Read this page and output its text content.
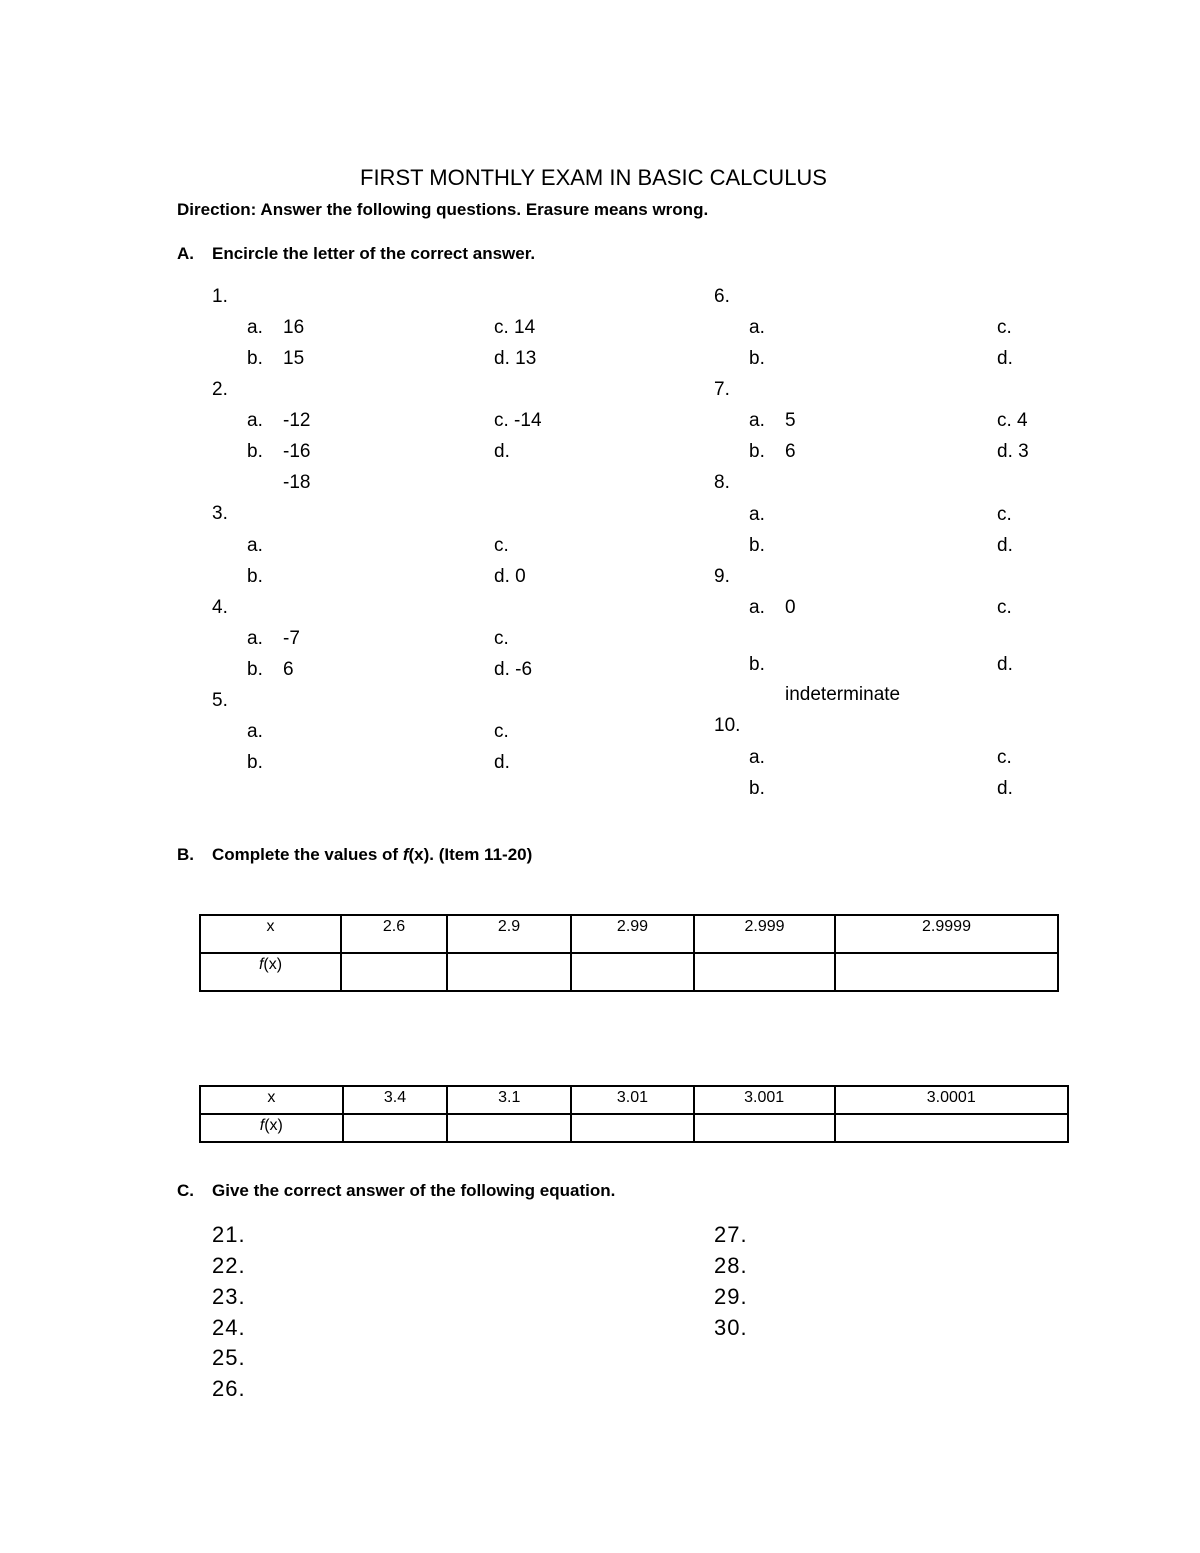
FIRST MONTHLY EXAM IN BASIC CALCULUS
Direction: Answer the following questions. Erasure means wrong.
A. Encircle the letter of the correct answer.
1.
a. 16	c. 14
b. 15	d. 13
2.
a. -12	c. -14
b. -16	d.
-18
3.
a.	c.
b.	d. 0
4.
a. -7	c.
b. 6	d. -6
5.
a.	c.
b.	d.
6.
a.	c.
b.	d.
7.
a. 5	c. 4
b. 6	d. 3
8.
a.	c.
b.	d.
9.
a. 0	c.
b.	d.
indeterminate
10.
a.	c.
b.	d.
B. Complete the values of f(x). (Item 11-20)
x	2.6	2.9	2.99	2.999	2.9999
f(x)					
x	3.4	3.1	3.01	3.001	3.0001
f(x)					
C. Give the correct answer of the following equation.
21.
22.
23.
24.
25.
26.
27.
28.
29.
30.
